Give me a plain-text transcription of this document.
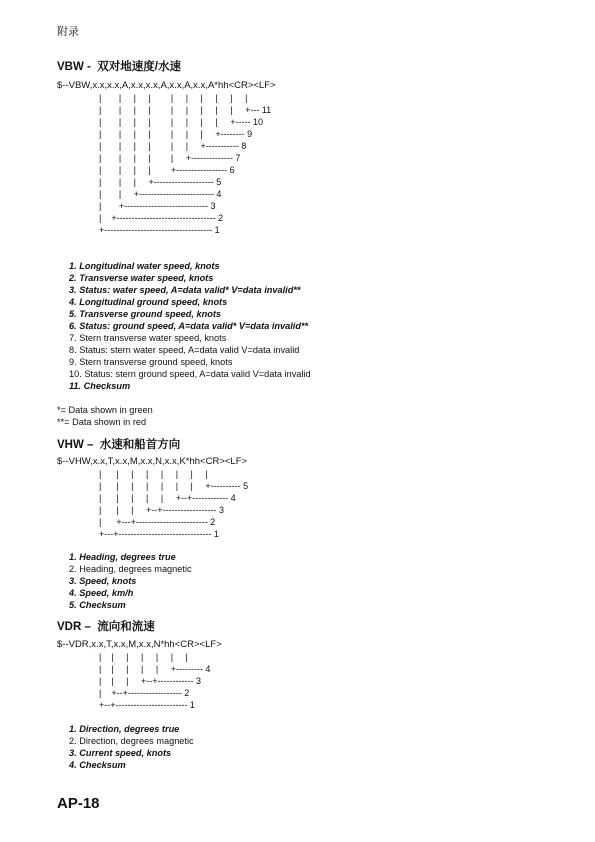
附录
VBW -  双对地速度/水速
$--VBW,x.x,x.x,A,x.x,x.x,A,x.x,A,x.x,A*hh<CR><LF>
|       |     |     |        |     |     |     |     |     |
|       |     |     |        |     |     |     |     |     +--- 11
|       |     |     |        |     |     |     |     +----- 10
|       |     |     |        |     |     |     +-------- 9
|       |     |     |        |     |     +----------- 8
|       |     |     |        |     +-------------- 7
|       |     |     |        +----------------- 6
|       |     |     +-------------------- 5
|       |     +------------------------- 4
|       +---------------------------- 3
|    +--------------------------------- 2
+------------------------------------ 1
1. Longitudinal water speed, knots
2. Transverse water speed, knots
3. Status: water speed, A=data valid* V=data invalid**
4. Longitudinal ground speed, knots
5. Transverse ground speed, knots
6. Status: ground speed, A=data valid* V=data invalid**
7. Stern transverse water speed, knots
8. Status: stern water speed, A=data valid V=data invalid
9. Stern transverse ground speed, knots
10. Status: stern ground speed, A=data valid V=data invalid
11. Checksum
*= Data shown in green
**= Data shown in red
VHW –  水速和船首方向
$--VHW,x.x,T,x.x,M,x.x,N,x.x,K*hh<CR><LF>
|      |     |     |     |     |     |     |
|      |     |     |     |     |     |     +---------- 5
|      |     |     |     |     +--+------------ 4
|      |     |     +--+------------------ 3
|      +---+------------------------ 2
+---+------------------------------- 1
1. Heading, degrees true
2. Heading, degrees magnetic
3. Speed, knots
4. Speed, km/h
5. Checksum
VDR –  流向和流速
$--VDR,x.x,T,x.x,M,x.x,N*hh<CR><LF>
|    |     |     |     |     |     |
|    |     |     |     |     +--------- 4
|    |     |     +--+------------ 3
|    +--+------------------ 2
+--+------------------------ 1
1. Direction, degrees true
2. Direction, degrees magnetic
3. Current speed, knots
4. Checksum
AP-18
